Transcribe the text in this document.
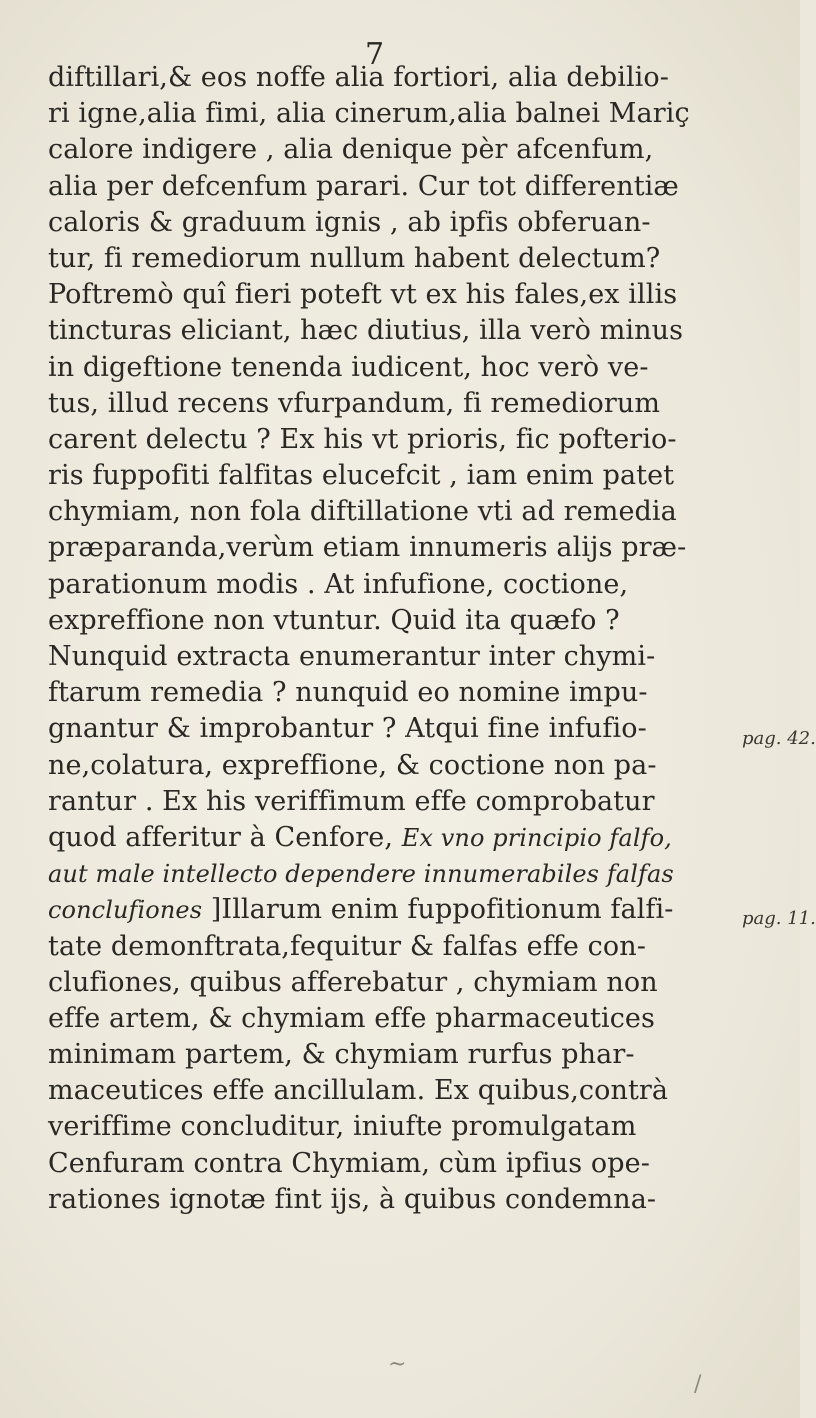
7
diftillari,& eos noffe alia fortiori, alia debilio-
ri igne,alia fimi, alia cinerum,alia balnei Mariç
calore indigere , alia denique pèr afcenfum,
alia per defcenfum parari. Cur tot differentiæ
caloris & graduum ignis , ab ipfis obferuan-
tur, fi remediorum nullum habent delectum?
Poftremò quî fieri poteft vt ex his fales,ex illis
tincturas eliciant, hæc diutius, illa verò minus
in digeftione tenenda iudicent, hoc verò ve-
tus, illud recens vfurpandum, fi remediorum
carent delectu ? Ex his vt prioris, fic pofterio-
ris fuppofiti falfitas elucefcit , iam enim patet
chymiam, non fola diftillatione vti ad remedia
præparanda,verùm etiam innumeris alijs præ-
parationum modis . At infufione, coctione,
expreffione non vtuntur. Quid ita quæfo ?
Nunquid extracta enumerantur inter chymi-
ftarum remedia ? nunquid eo nomine impu-
gnantur & improbantur ? Atqui fine infufio-
ne,colatura, expreffione, & coctione non pa-
rantur . Ex his veriffimum effe comprobatur
quod afferitur à Cenfore,
Ex vno principio falfo,
aut male intellecto dependere innumerabiles falfas
conclufiones
]Illarum enim fuppofitionum falfi-
tate demonftrata,fequitur & falfas effe con-
clufiones, quibus afferebatur , chymiam non
effe artem, & chymiam effe pharmaceutices
minimam partem, & chymiam rurfus phar-
maceutices effe ancillulam. Ex quibus,contrà
veriffime concluditur, iniufte promulgatam
Cenfuram contra Chymiam, cùm ipfius ope-
rationes ignotæ fint ijs, à quibus condemna-
pag. 42.
pag. 11.
~
/
